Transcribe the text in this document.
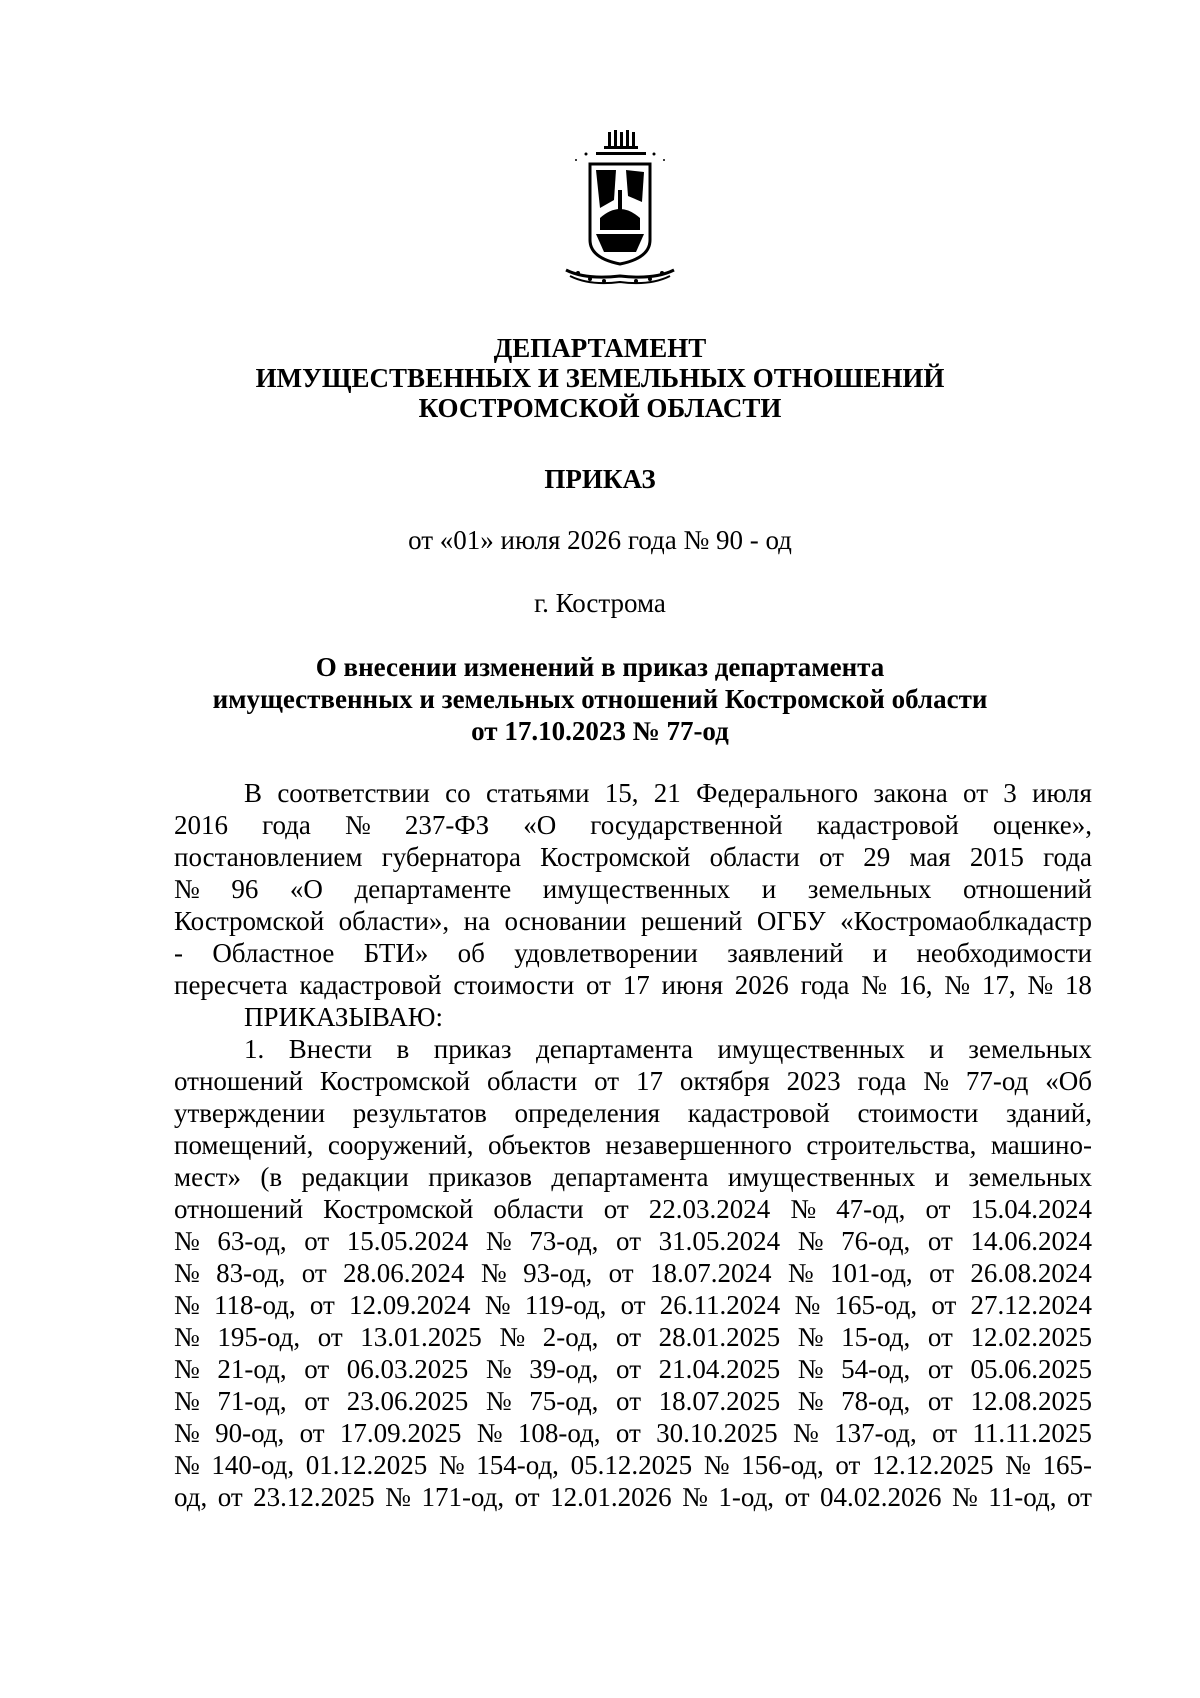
ДЕПАРТАМЕНТ
ИМУЩЕСТВЕННЫХ И ЗЕМЕЛЬНЫХ ОТНОШЕНИЙ
КОСТРОМСКОЙ ОБЛАСТИ
ПРИКАЗ
от «01» июля 2026 года № 90 - од
г. Кострома
О внесении изменений в приказ департамента
имущественных и земельных отношений Костромской области
от 17.10.2023 № 77-од
В соответствии со статьями 15, 21 Федерального закона от 3 июля
2016 года № 237-ФЗ «О государственной кадастровой оценке»,
постановлением губернатора Костромской области от 29 мая 2015 года
№ 96 «О департаменте имущественных и земельных отношений
Костромской области», на основании решений ОГБУ «Костромаоблкадастр
- Областное БТИ» об удовлетворении заявлений и необходимости
пересчета кадастровой стоимости от 17 июня 2026 года № 16, № 17, № 18
ПРИКАЗЫВАЮ:
1. Внести в приказ департамента имущественных и земельных
отношений Костромской области от 17 октября 2023 года № 77-од «Об
утверждении результатов определения кадастровой стоимости зданий,
помещений, сооружений, объектов незавершенного строительства, машино-
мест» (в редакции приказов департамента имущественных и земельных
отношений Костромской области от 22.03.2024 № 47-од, от 15.04.2024
№ 63-од, от 15.05.2024 № 73-од, от 31.05.2024 № 76-од, от 14.06.2024
№ 83-од, от 28.06.2024 № 93-од, от 18.07.2024 № 101-од, от 26.08.2024
№ 118-од, от 12.09.2024 № 119-од, от 26.11.2024 № 165-од, от 27.12.2024
№ 195-од, от 13.01.2025 № 2-од, от 28.01.2025 № 15-од, от 12.02.2025
№ 21-од, от 06.03.2025 № 39-од, от 21.04.2025 № 54-од, от 05.06.2025
№ 71-од, от 23.06.2025 № 75-од, от 18.07.2025 № 78-од, от 12.08.2025
№ 90-од, от 17.09.2025 № 108-од, от 30.10.2025 № 137-од, от 11.11.2025
№ 140-од, 01.12.2025 № 154-од, 05.12.2025 № 156-од, от 12.12.2025 № 165-
од, от 23.12.2025 № 171-од, от 12.01.2026 № 1-од, от 04.02.2026 № 11-од, от
